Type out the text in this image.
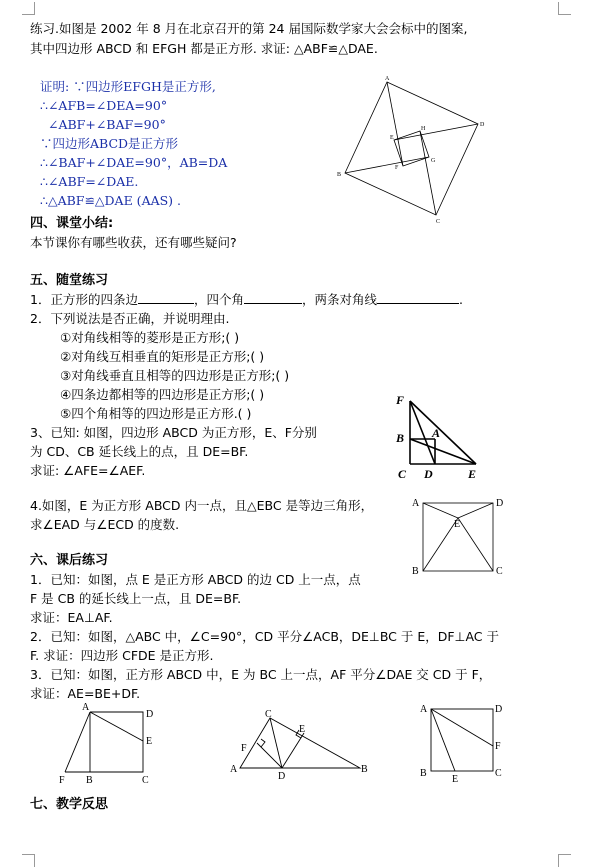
练习.如图是 2002 年 8 月在北京召开的第 24 届国际数学家大会会标中的图案,
其中四边形 ABCD 和 EFGH 都是正方形. 求证: △ABF≌△DAE.
证明: ∵四边形EFGH是正方形,
∴∠AFB=∠DEA=90°
∠ABF+∠BAF=90°
∵四边形ABCD是正方形
∴∠BAF+∠DAE=90°，AB=DA
∴∠ABF=∠DAE.
∴△ABF≌△DAE (AAS) .
A
D
C
B
E
H
G
F
四、课堂小结:
本节课你有哪些收获，还有哪些疑问?
五、随堂练习
1．正方形的四条边	，四个角	，两条对角线	.
2．下列说法是否正确，并说明理由.
①对角线相等的菱形是正方形;( )
②对角线互相垂直的矩形是正方形;( )
③对角线垂直且相等的四边形是正方形;( )
④四条边都相等的四边形是正方形;( )
⑤四个角相等的四边形是正方形.( )
3、已知: 如图，四边形 ABCD 为正方形，E、F分别
为 CD、CB 延长线上的点，且 DE=BF.
求证: ∠AFE=∠AEF.
F
B A
C D	E
4.如图，E 为正方形 ABCD 内一点，且△EBC 是等边三角形，
求∠EAD 与∠ECD 的度数.
A	D
E
B	C
六、课后练习
1．已知：如图，点 E 是正方形 ABCD 的边 CD 上一点，点
F 是 CB 的延长线上一点，且 DE=BF.
求证：EA⊥AF.
2．已知：如图，△ABC 中，∠C=90°，CD 平分∠ACB，DE⊥BC 于 E，DF⊥AC 于
F. 求证：四边形 CFDE 是正方形.
3．已知：如图，正方形 ABCD 中，E 为 BC 上一点，AF 平分∠DAE 交 CD 于 F，
求证：AE=BE+DF.
A
D
E
F B	C
C
F
E
A
D
B
A	D
F
B
E
C
七、教学反思
